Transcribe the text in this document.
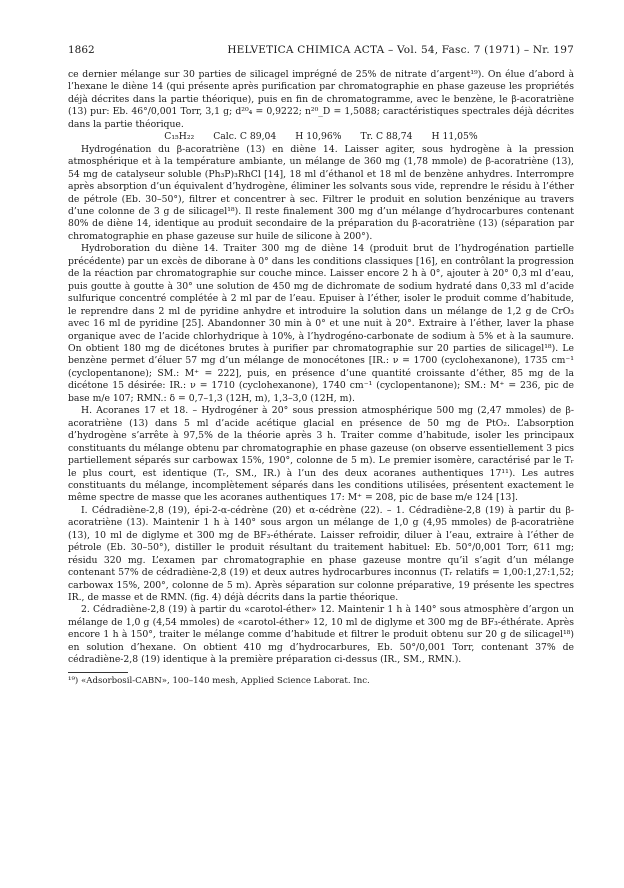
1862	HELVETICA CHIMICA ACTA – Vol. 54, Fasc. 7 (1971) – Nr. 197

ce dernier mélange sur 30 parties de silicagel imprégné de 25% de nitrate d’argent¹⁹). On élue d’abord à l’hexane le diène 14 (qui présente après purification par chromatographie en phase gazeuse les propriétés déjà décrites dans la partie théorique), puis en fin de chromatogramme, avec le benzène, le β-acoratriène (13) pur: Eb. 46°/0,001 Torr, 3,1 g; d²⁰₄ = 0,9222; n²⁰_D = 1,5088; caractéristiques spectrales déjà décrites dans la partie théorique.

C₁₅H₂₂ Calc. C 89,04 H 10,96% Tr. C 88,74 H 11,05%

Hydrogénation du β-acoratriène (13) en diène 14. Laisser agiter, sous hydrogène à la pression atmosphérique et à la température ambiante, un mélange de 360 mg (1,78 mmole) de β-acoratriène (13), 54 mg de catalyseur soluble (Ph₃P)₃RhCl [14], 18 ml d’éthanol et 18 ml de benzène anhydres. Interrompre après absorption d’un équivalent d’hydrogène, éliminer les solvants sous vide, reprendre le résidu à l’éther de pétrole (Eb. 30–50°), filtrer et concentrer à sec. Filtrer le produit en solution benzénique au travers d’une colonne de 3 g de silicagel¹⁸). Il reste finalement 300 mg d’un mélange d’hydrocarbures contenant 80% de diène 14, identique au produit secondaire de la préparation du β-acoratriène (13) (séparation par chromatographie en phase gazeuse sur huile de silicone à 200°).

Hydroboration du diène 14. Traiter 300 mg de diène 14 (produit brut de l’hydrogénation partielle précédente) par un excès de diborane à 0° dans les conditions classiques [16], en contrôlant la progression de la réaction par chromatographie sur couche mince. Laisser encore 2 h à 0°, ajouter à 20° 0,3 ml d’eau, puis goutte à goutte à 30° une solution de 450 mg de dichromate de sodium hydraté dans 0,33 ml d’acide sulfurique concentré complétée à 2 ml par de l’eau. Epuiser à l’éther, isoler le produit comme d’habitude, le reprendre dans 2 ml de pyridine anhydre et introduire la solution dans un mélange de 1,2 g de CrO₃ avec 16 ml de pyridine [25]. Abandonner 30 min à 0° et une nuit à 20°. Extraire à l’éther, laver la phase organique avec de l’acide chlorhydrique à 10%, à l’hydrogéno-carbonate de sodium à 5% et à la saumure. On obtient 180 mg de dicétones brutes à purifier par chromatographie sur 20 parties de silicagel¹⁸). Le benzène permet d’éluer 57 mg d’un mélange de monocétones [IR.: ν = 1700 (cyclohexanone), 1735 cm⁻¹ (cyclopentanone); SM.: M⁺ = 222], puis, en présence d’une quantité croissante d’éther, 85 mg de la dicétone 15 désirée: IR.: ν = 1710 (cyclohexanone), 1740 cm⁻¹ (cyclopentanone); SM.: M⁺ = 236, pic de base m/e 107; RMN.: δ = 0,7–1,3 (12H, m), 1,3–3,0 (12H, m).

H. Acoranes 17 et 18. – Hydrogéner à 20° sous pression atmosphérique 500 mg (2,47 mmoles) de β-acoratriène (13) dans 5 ml d’acide acétique glacial en présence de 50 mg de PtO₂. L’absorption d’hydrogène s’arrête à 97,5% de la théorie après 3 h. Traiter comme d’habitude, isoler les principaux constituants du mélange obtenu par chromatographie en phase gazeuse (on observe essentiellement 3 pics partiellement séparés sur carbowax 15%, 190°, colonne de 5 m). Le premier isomère, caractérisé par le Tᵣ le plus court, est identique (Tᵣ, SM., IR.) à l’un des deux acoranes authentiques 17¹¹). Les autres constituants du mélange, incomplètement séparés dans les conditions utilisées, présentent exactement le même spectre de masse que les acoranes authentiques 17: M⁺ = 208, pic de base m/e 124 [13].

I. Cédradiène-2,8 (19), épi-2-α-cédrène (20) et α-cédrène (22). – 1. Cédradiène-2,8 (19) à partir du β-acoratriène (13). Maintenir 1 h à 140° sous argon un mélange de 1,0 g (4,95 mmoles) de β-acoratriène (13), 10 ml de diglyme et 300 mg de BF₃-éthérate. Laisser refroidir, diluer à l’eau, extraire à l’éther de pétrole (Eb. 30–50°), distiller le produit résultant du traitement habituel: Eb. 50°/0,001 Torr, 611 mg; résidu 320 mg. L’examen par chromatographie en phase gazeuse montre qu’il s’agit d’un mélange contenant 57% de cédradiène-2,8 (19) et deux autres hydrocarbures inconnus (Tᵣ relatifs = 1,00:1,27:1,52; carbowax 15%, 200°, colonne de 5 m). Après séparation sur colonne préparative, 19 présente les spectres IR., de masse et de RMN. (fig. 4) déjà décrits dans la partie théorique.

2. Cédradiène-2,8 (19) à partir du «carotol-éther» 12. Maintenir 1 h à 140° sous atmosphère d’argon un mélange de 1,0 g (4,54 mmoles) de «carotol-éther» 12, 10 ml de diglyme et 300 mg de BF₃-éthérate. Après encore 1 h à 150°, traiter le mélange comme d’habitude et filtrer le produit obtenu sur 20 g de silicagel¹⁸) en solution d’hexane. On obtient 410 mg d’hydrocarbures, Eb. 50°/0,001 Torr, contenant 37% de cédradiène-2,8 (19) identique à la première préparation ci-dessus (IR., SM., RMN.).

¹⁹) «Adsorbosil-CABN», 100–140 mesh, Applied Science Laborat. Inc.
